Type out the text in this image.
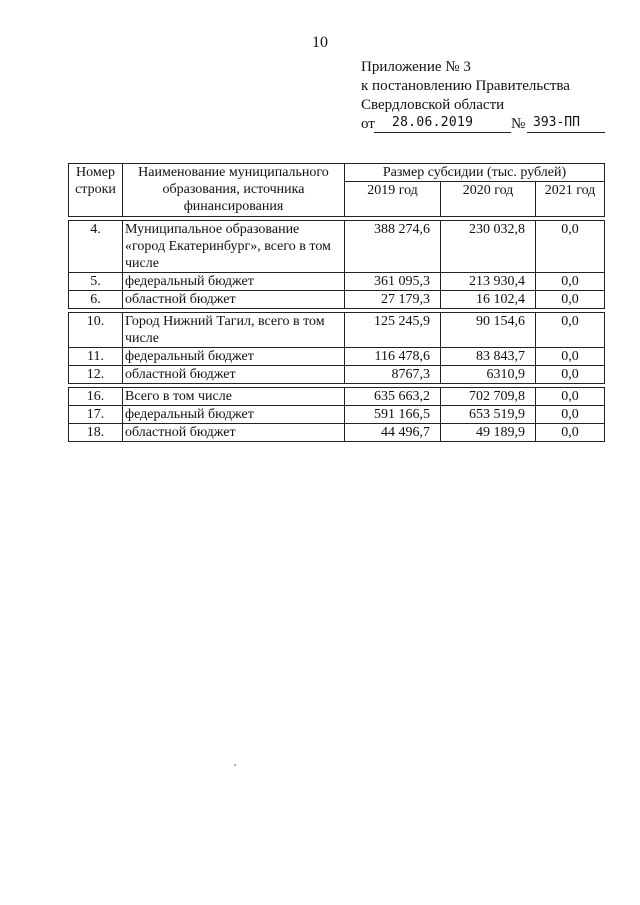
10
Приложение № 3
к постановлению Правительства
Свердловской области
от 28.06.2019	№ 393-ПП
Номер строки	Наименование муниципального образования, источника финансирования	Размер субсидии (тыс. рублей)		
		2019 год	2020 год	2021 год

4.	Муниципальное образование «город Екатеринбург», всего в том числе	388 274,6	230 032,8	0,0
5.	федеральный бюджет	361 095,3	213 930,4	0,0
6.	областной бюджет	27 179,3	16 102,4	0,0

10.	Город Нижний Тагил, всего в том числе	125 245,9	90 154,6	0,0
11.	федеральный бюджет	116 478,6	83 843,7	0,0
12.	областной бюджет	8767,3	6310,9	0,0

16.	Всего в том числе	635 663,2	702 709,8	0,0
17.	федеральный бюджет	591 166,5	653 519,9	0,0
18.	областной бюджет	44 496,7	49 189,9	0,0
